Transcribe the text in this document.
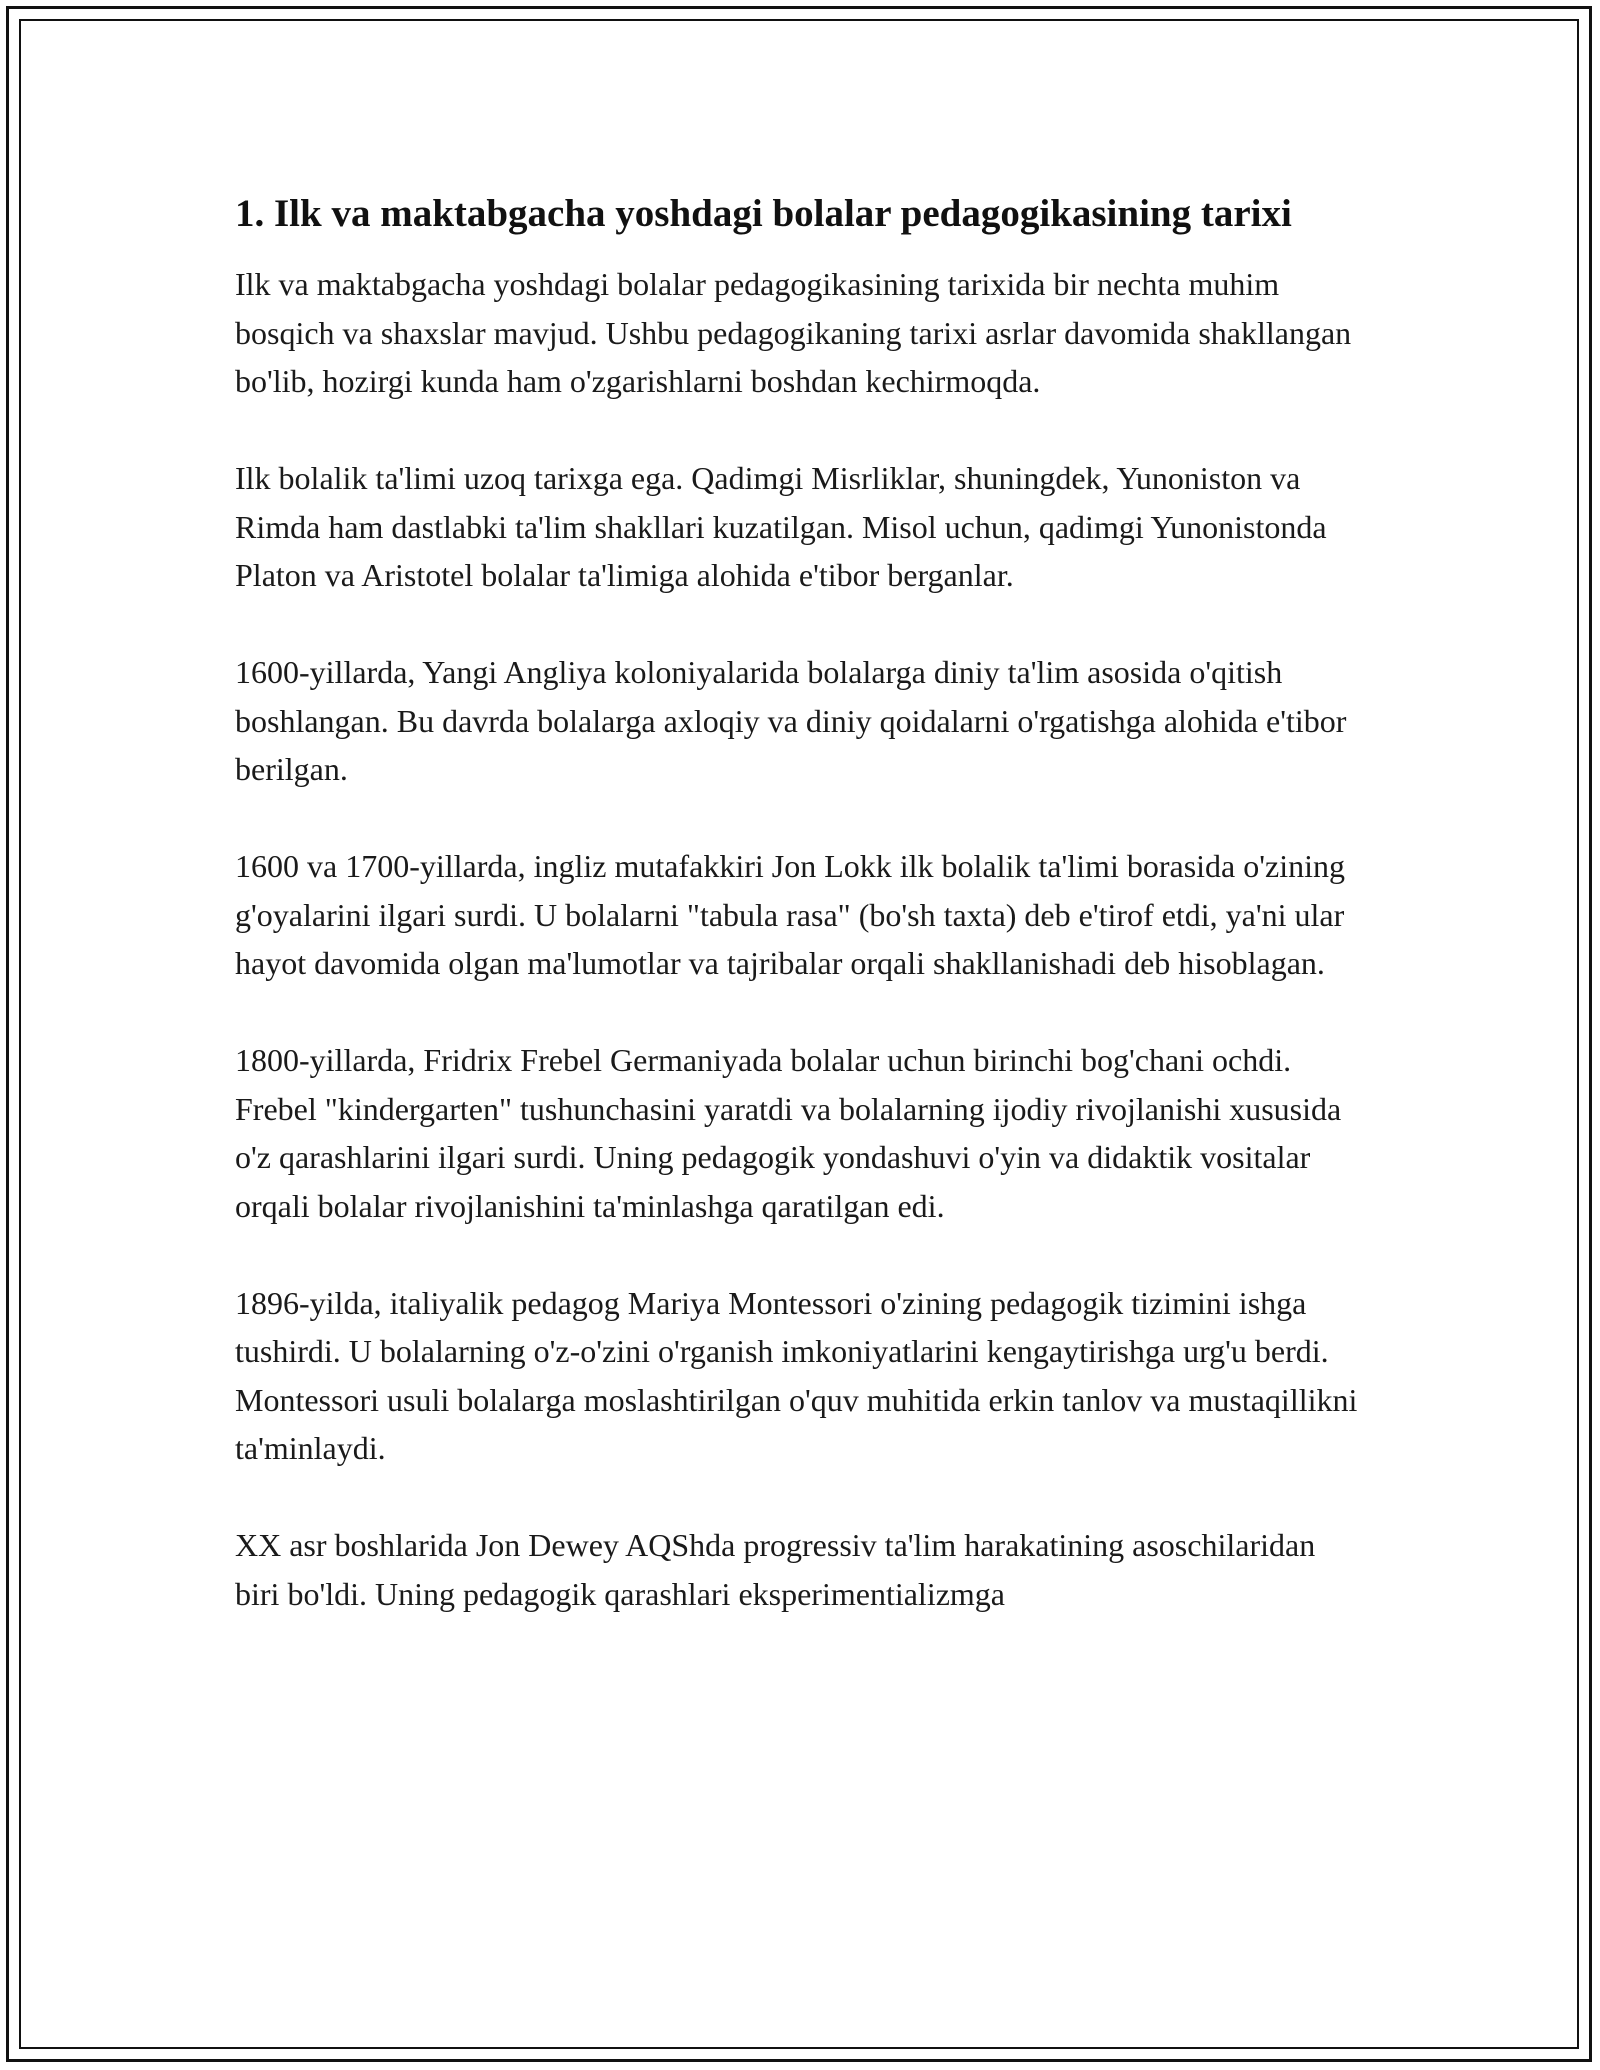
1. Ilk va maktabgacha yoshdagi bolalar pedagogikasining tarixi

Ilk va maktabgacha yoshdagi bolalar pedagogikasining tarixida bir nechta muhim bosqich va shaxslar mavjud. Ushbu pedagogikaning tarixi asrlar davomida shakllangan bo'lib, hozirgi kunda ham o'zgarishlarni boshdan kechirmoqda.

Ilk bolalik ta'limi uzoq tarixga ega. Qadimgi Misrliklar, shuningdek, Yunoniston va Rimda ham dastlabki ta'lim shakllari kuzatilgan. Misol uchun, qadimgi Yunonistonda Platon va Aristotel bolalar ta'limiga alohida e'tibor berganlar.

1600-yillarda, Yangi Angliya koloniyalarida bolalarga diniy ta'lim asosida o'qitish boshlangan. Bu davrda bolalarga axloqiy va diniy qoidalarni o'rgatishga alohida e'tibor berilgan.

1600 va 1700-yillarda, ingliz mutafakkiri Jon Lokk ilk bolalik ta'limi borasida o'zining g'oyalarini ilgari surdi. U bolalarni "tabula rasa" (bo'sh taxta) deb e'tirof etdi, ya'ni ular hayot davomida olgan ma'lumotlar va tajribalar orqali shakllanishadi deb hisoblagan.

1800-yillarda, Fridrix Frebel Germaniyada bolalar uchun birinchi bog'chani ochdi. Frebel "kindergarten" tushunchasini yaratdi va bolalarning ijodiy rivojlanishi xususida o'z qarashlarini ilgari surdi. Uning pedagogik yondashuvi o'yin va didaktik vositalar orqali bolalar rivojlanishini ta'minlashga qaratilgan edi.

1896-yilda, italiyalik pedagog Mariya Montessori o'zining pedagogik tizimini ishga tushirdi. U bolalarning o'z-o'zini o'rganish imkoniyatlarini kengaytirishga urg'u berdi. Montessori usuli bolalarga moslashtirilgan o'quv muhitida erkin tanlov va mustaqillikni ta'minlaydi.

XX asr boshlarida Jon Dewey AQShda progressiv ta'lim harakatining asoschilaridan biri bo'ldi. Uning pedagogik qarashlari eksperimentializmga
